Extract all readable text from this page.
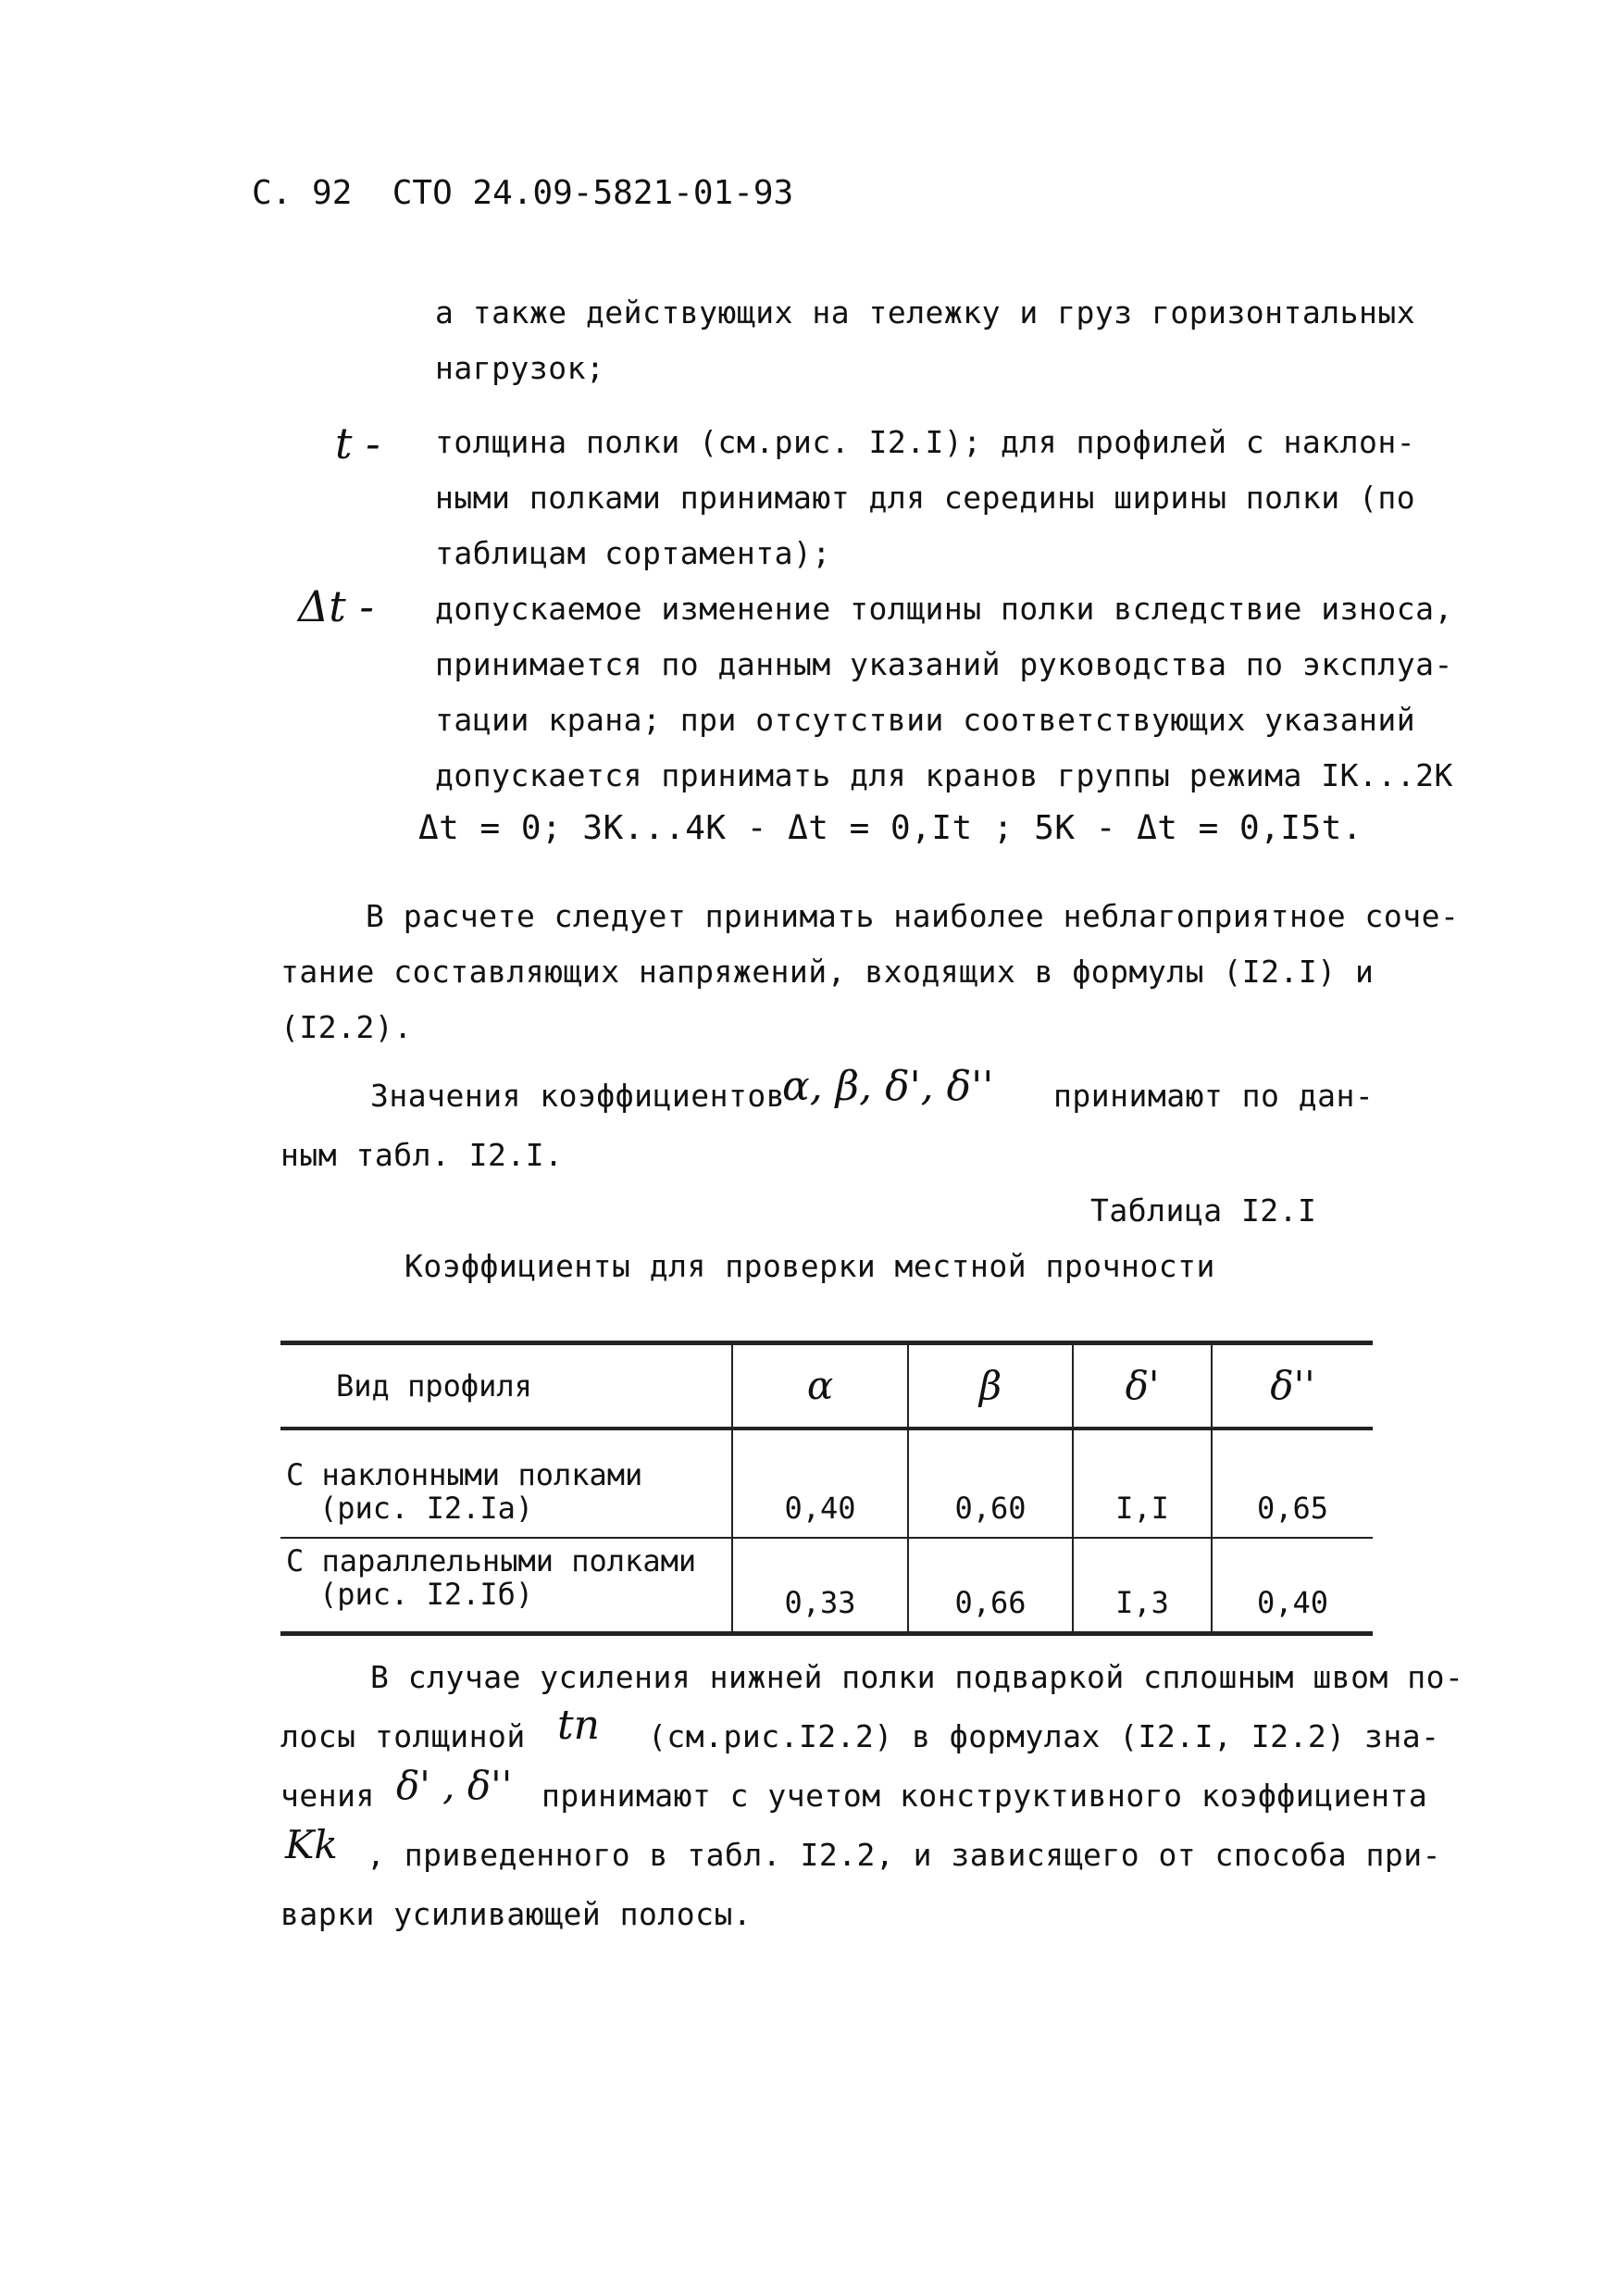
С. 92 СТО 24.09-5821-01-93
а также действующих на тележку и груз горизонтальных
нагрузок;
t - толщина полки (см.рис. I2.I); для профилей с наклон-
ными полками принимают для середины ширины полки (по
таблицам сортамента);
Δt - допускаемое изменение толщины полки вследствие износа,
принимается по данным указаний руководства по эксплуа-
тации крана; при отсутствии соответствующих указаний
допускается принимать для кранов группы режима IК...2К
Δt = 0; 3К...4К - Δt = 0,It ; 5К - Δt = 0,I5t.
В расчете следует принимать наиболее неблагоприятное сочe-
тание составляющих напряжений, входящих в формулы (I2.I) и
(I2.2).
Значения коэффициентов
α, β, δ', δ'' принимают по дан-
ным табл. I2.I.
Таблица I2.I
Коэффициенты для проверки местной прочности
Вид профиля	α	β	δ'	δ''

С наклонными полками
(рис. I2.Iа)	0,40	0,60	I,I	0,65

С параллельными полками
(рис. I2.Iб)	0,33	0,66	I,3	0,40
В случае усиления нижней полки подваркой сплошным швом по-
лосы толщиной tп (см.рис.I2.2) в формулах (I2.I, I2.2) зна-
чения δ' , δ'' принимают с учетом конструктивного коэффициента
Kk , приведенного в табл. I2.2, и зависящего от способа при-
варки усиливающей полосы.
